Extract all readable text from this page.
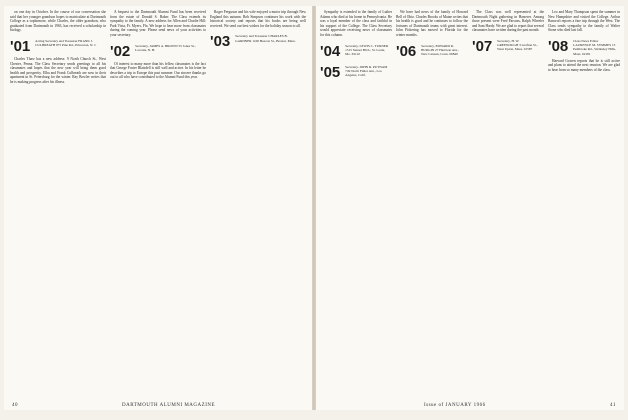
on one day in October. In the course of our conversation she said that her younger grandson hopes to matriculate at Dartmouth College as a sophomore, while Charles, the older grandson, who graduated from Dartmouth in 1963, has received a scholarship in biology.

'01 Acting Secretary and Treasurer FRANK J. CULBREATH 975 Pine Rd., Princeton, N. J.

Charles Thaw has a new address: 9 North Church St., West Chester, Penna. The Class Secretary sends greetings to all his classmates and hopes that the new year will bring them good health and prosperity. Elba and Frank Culbreath are now in their apartment in St. Petersburg for the winter. Ray Bowler writes that he is making progress after his illness.

A bequest to the Dartmouth Alumni Fund has been received from the estate of Donald S. Baker. The Class extends its sympathy to the family. A new address for Allen and Charlie Hill: Park Vista, Ft. Myers, Fla. We hope to hear more from classmates during the coming year. Please send news of your activities to your secretary.

'02 Secretary, JAMES A. BROWN 55 Jones St., Laconia, N. H.

Of interest to many more than his fellow classmates is the fact that George Foster Blaisdell is still well and active. In his letter he describes a trip to Europe this past summer. Our sincere thanks go out to all who have contributed to the Alumni Fund this year.

Roger Ferguson and his wife enjoyed a motor trip through New England this autumn. Bob Simpson continues his work with the historical society and reports that his books are being well received. We send our best wishes for the holiday season to all.

'03 Secretary and Treasurer CHARLES B. GARDNER 1100 Beacon St., Boston, Mass.
40	DARTMOUTH ALUMNI MAGAZINE

Sympathy is extended to the family of Luther Adams who died at his home in Pennsylvania. He was a loyal member of the class and faithful in his support of the College. The Class Secretary would appreciate receiving news of classmates for this column.

'04 Secretary, LEWIS C. TURNER 1515 Sunset Blvd., St. Louis, Mo. 63110
'05 Secretary, JOHN R. PUTNAM 749 North Fuller Ave., Los Angeles, Calif.

We have had news of the family of Howard Bell of Ohio. Charles Brooks of Maine writes that his health is good and he continues to follow the fortunes of Dartmouth teams with great interest. John Pickering has moved to Florida for the winter months.

'06 Secretary, EDWARD R. BURGIN 27 Harrison Ave., New Canaan, Conn. 06840

The Class was well represented at the Dartmouth Night gathering in Hanover. Among those present were Fred Parsons, Ralph Wheeler and Sam Hardy. We are glad to report that several classmates have written during the past month.

'07 Secretary, H. W. GREENOUGH 3 Grafton St., West Upton, Mass. 01587

Leo and Mary Thompson spent the summer in New Hampshire and visited the College. Arthur Bancroft reports a fine trip through the West. The Class sends sympathy to the family of Walter Stone who died last fall.

'08 Class News Editor LAURENCE M. SYMMES 13 Pembroke Rd., Wellesley Hills, Mass. 02181

Harvard Gowen reports that he is still active and plans to attend the next reunion. We are glad to hear from so many members of the class.

Issue of JANUARY 1966	41
